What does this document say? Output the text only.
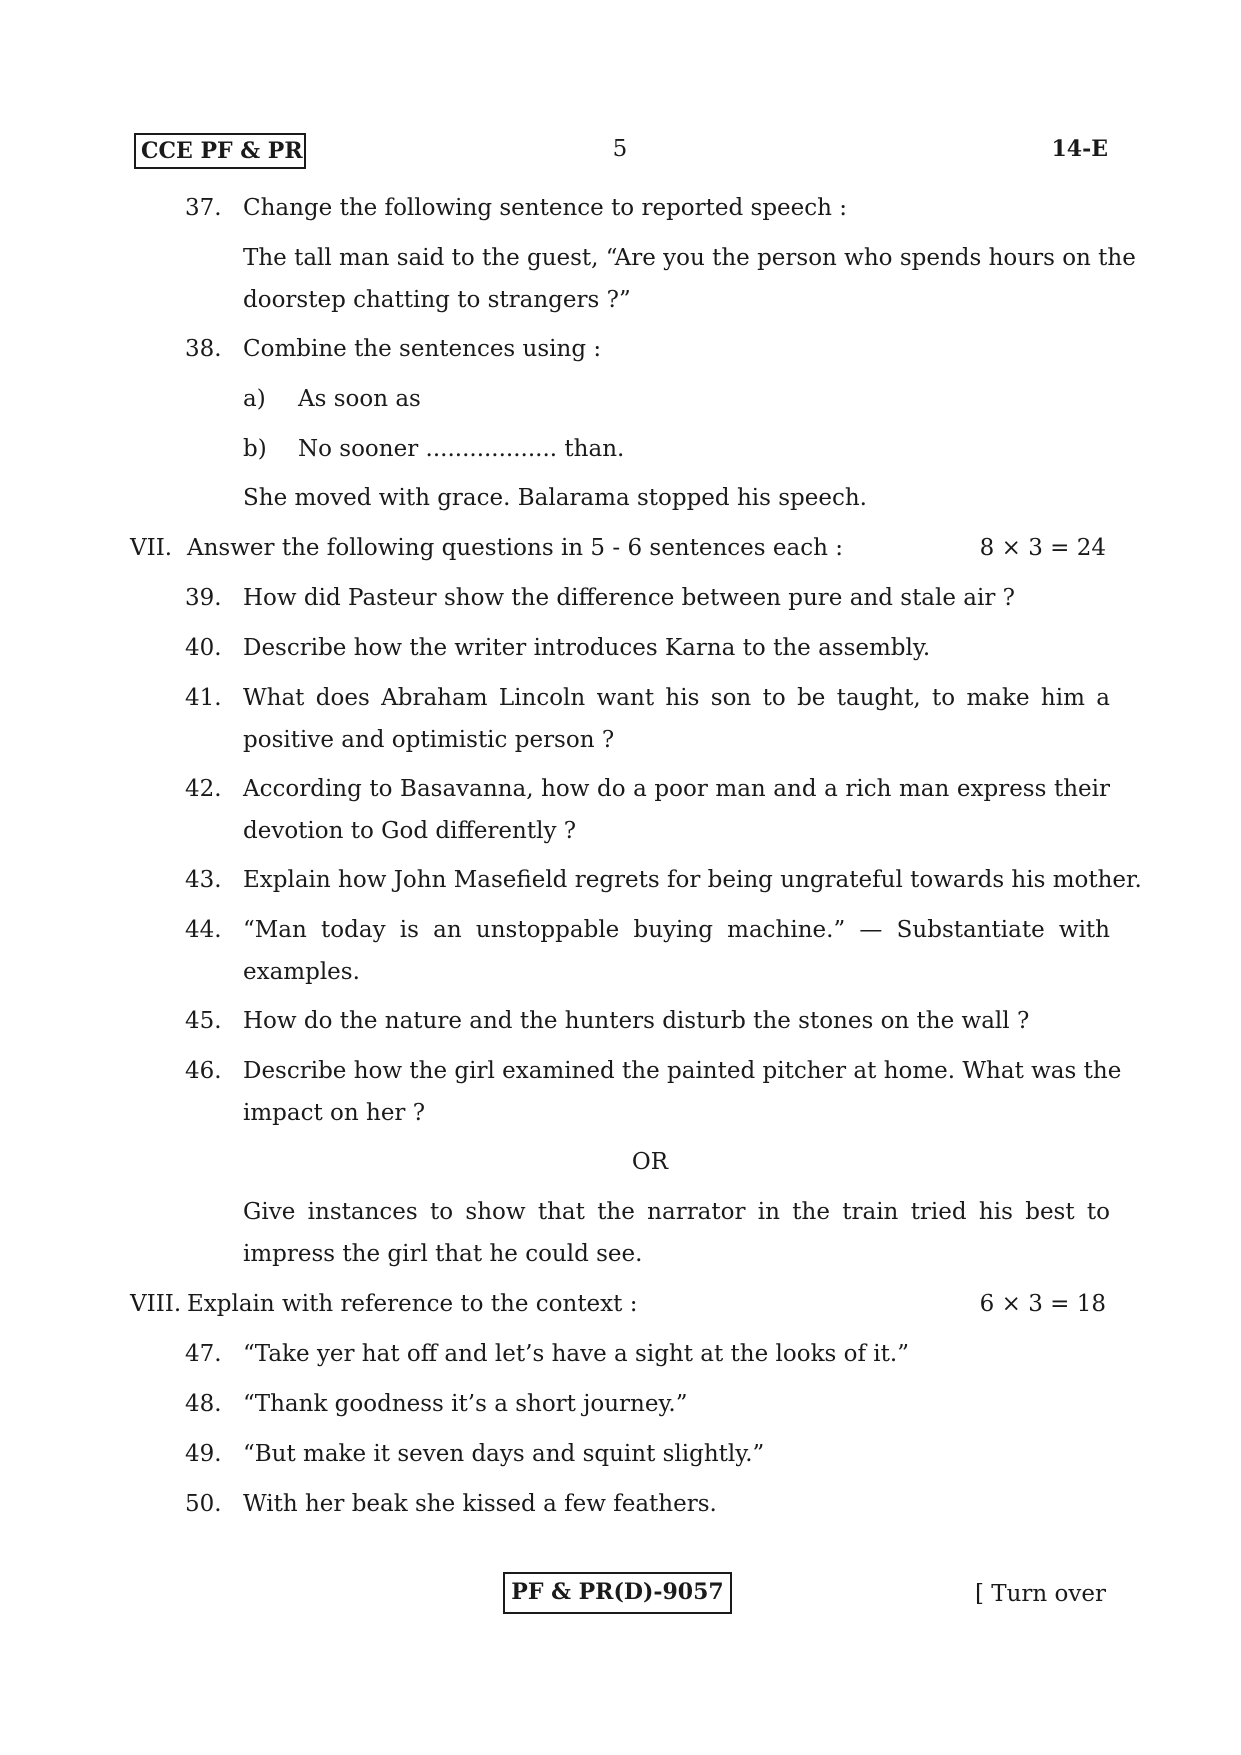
CCE PF & PR	5	14-E
37. Change the following sentence to reported speech :
The tall man said to the guest, “Are you the person who spends hours on the
doorstep chatting to strangers ?”
38. Combine the sentences using :
a) As soon as
b) No sooner .................. than.
She moved with grace. Balarama stopped his speech.
VII. Answer the following questions in 5 - 6 sentences each :	8 × 3 = 24
39. How did Pasteur show the difference between pure and stale air ?
40. Describe how the writer introduces Karna to the assembly.
41. What does Abraham Lincoln want his son to be taught, to make him a
positive and optimistic person ?
42. According to Basavanna, how do a poor man and a rich man express their
devotion to God differently ?
43. Explain how John Masefield regrets for being ungrateful towards his mother.
44. “Man today is an unstoppable buying machine.” — Substantiate with
examples.
45. How do the nature and the hunters disturb the stones on the wall ?
46. Describe how the girl examined the painted pitcher at home. What was the
impact on her ?
OR
Give instances to show that the narrator in the train tried his best to
impress the girl that he could see.
VIII. Explain with reference to the context :	6 × 3 = 18
47. “Take yer hat off and let’s have a sight at the looks of it.”
48. “Thank goodness it’s a short journey.”
49. “But make it seven days and squint slightly.”
50. With her beak she kissed a few feathers.
PF & PR(D)-9057	[ Turn over
